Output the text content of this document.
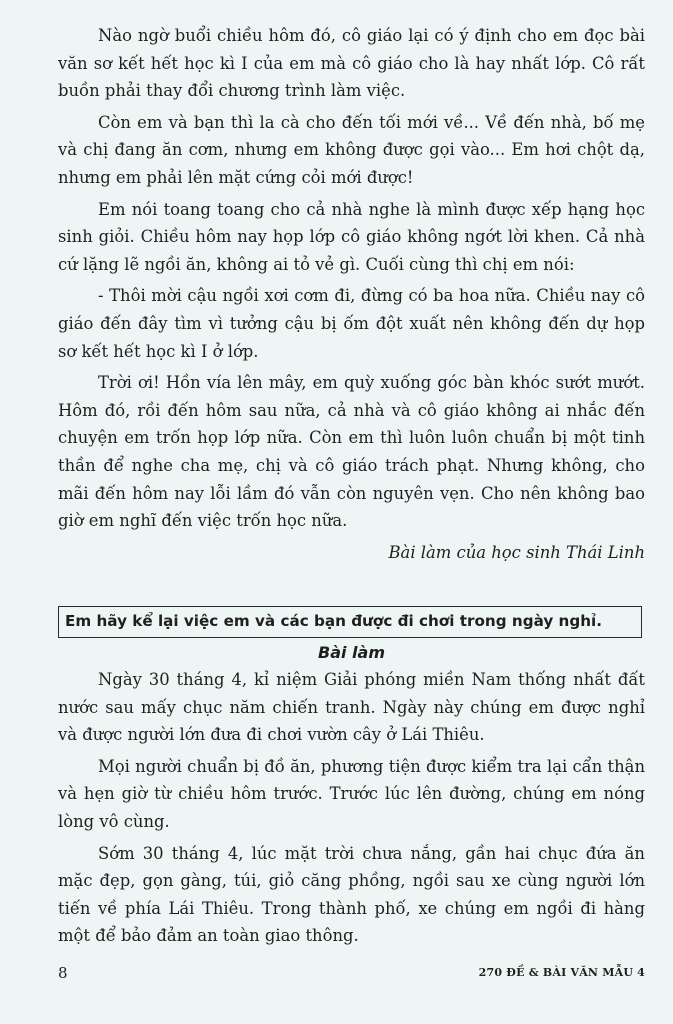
Nào ngờ buổi chiều hôm đó, cô giáo lại có ý định cho em đọc bài văn sơ kết hết học kì I của em mà cô giáo cho là hay nhất lớp. Cô rất buồn phải thay đổi chương trình làm việc.

Còn em và bạn thì la cà cho đến tối mới về... Về đến nhà, bố mẹ và chị đang ăn cơm, nhưng em không được gọi vào... Em hơi chột dạ, nhưng em phải lên mặt cứng cỏi mới được!

Em nói toang toang cho cả nhà nghe là mình được xếp hạng học sinh giỏi. Chiều hôm nay họp lớp cô giáo không ngớt lời khen. Cả nhà cứ lặng lẽ ngồi ăn, không ai tỏ vẻ gì. Cuối cùng thì chị em nói:

- Thôi mời cậu ngồi xơi cơm đi, đừng có ba hoa nữa. Chiều nay cô giáo đến đây tìm vì tưởng cậu bị ốm đột xuất nên không đến dự họp sơ kết hết học kì I ở lớp.

Trời ơi! Hồn vía lên mây, em quỳ xuống góc bàn khóc sướt mướt. Hôm đó, rồi đến hôm sau nữa, cả nhà và cô giáo không ai nhắc đến chuyện em trốn họp lớp nữa. Còn em thì luôn luôn chuẩn bị một tinh thần để nghe cha mẹ, chị và cô giáo trách phạt. Nhưng không, cho mãi đến hôm nay lỗi lầm đó vẫn còn nguyên vẹn. Cho nên không bao giờ em nghĩ đến việc trốn học nữa.

Bài làm của học sinh Thái Linh

Em hãy kể lại việc em và các bạn được đi chơi trong ngày nghỉ.
Bài làm

Ngày 30 tháng 4, kỉ niệm Giải phóng miền Nam thống nhất đất nước sau mấy chục năm chiến tranh. Ngày này chúng em được nghỉ và được người lớn đưa đi chơi vườn cây ở Lái Thiêu.

Mọi người chuẩn bị đồ ăn, phương tiện được kiểm tra lại cẩn thận và hẹn giờ từ chiều hôm trước. Trước lúc lên đường, chúng em nóng lòng vô cùng.

Sớm 30 tháng 4, lúc mặt trời chưa nắng, gần hai chục đứa ăn mặc đẹp, gọn gàng, túi, giỏ căng phồng, ngồi sau xe cùng người lớn tiến về phía Lái Thiêu. Trong thành phố, xe chúng em ngồi đi hàng một để bảo đảm an toàn giao thông.

8	270 ĐỀ & BÀI VĂN MẪU 4
